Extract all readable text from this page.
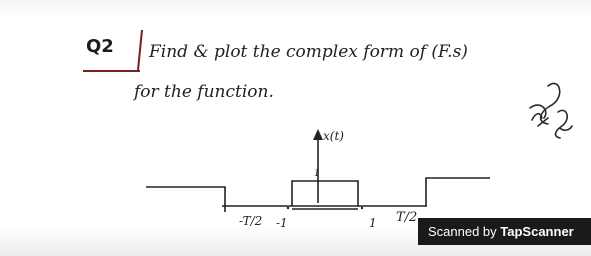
Q2 Find & plot the complex form of (F.s)
for the function.
x(t)
1
-T/2 -1	1 T/2
Scanned by TapScanner
